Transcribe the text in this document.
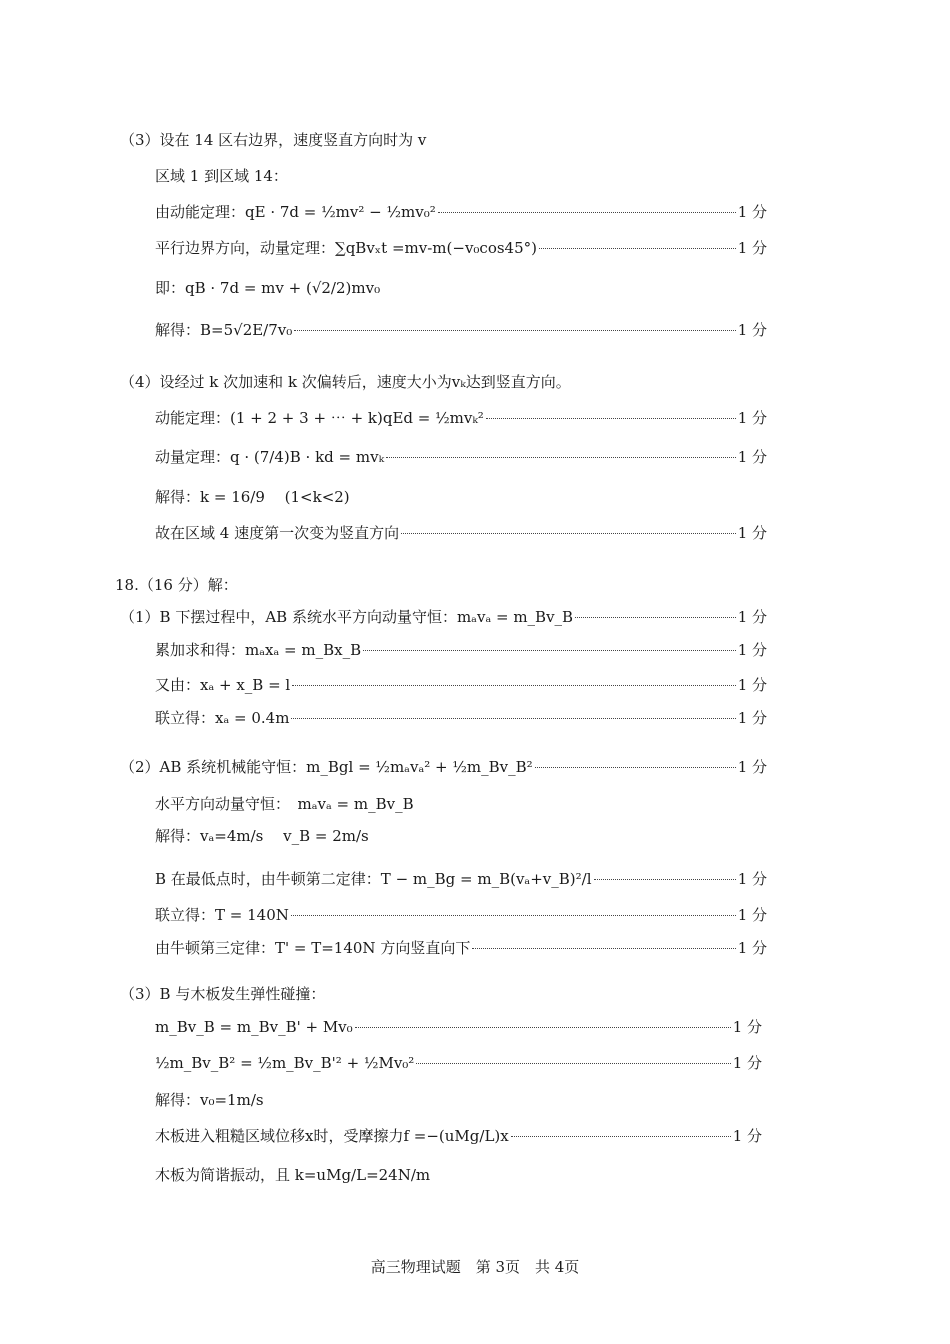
（3）设在 14 区右边界，速度竖直方向时为 v
区域 1 到区域 14：
由动能定理：qE · 7d = ½mv² − ½mv₀²	1 分
平行边界方向，动量定理：∑qBvₓt =mv-m(−v₀cos45°)	1 分
即：qB · 7d = mv + (√2/2)mv₀
解得：B=5√2E/7v₀	1 分
（4）设经过 k 次加速和 k 次偏转后，速度大小为vₖ达到竖直方向。
动能定理：(1 + 2 + 3 + ⋯ + k)qEd = ½mvₖ²	1 分
动量定理：q · (7/4)B · kd = mvₖ	1 分
解得：k = 16/9　 (1<k<2)
故在区域 4 速度第一次变为竖直方向	1 分
18.（16 分）解：
（1）B 下摆过程中，AB 系统水平方向动量守恒：mₐvₐ = m_Bv_B	1 分
累加求和得：mₐxₐ = m_Bx_B	1 分
又由：xₐ + x_B = l	1 分
联立得：xₐ = 0.4m	1 分
（2）AB 系统机械能守恒：m_Bgl = ½mₐvₐ² + ½m_Bv_B²	1 分
水平方向动量守恒：　mₐvₐ = m_Bv_B
解得：vₐ=4m/s　 v_B = 2m/s
B 在最低点时，由牛顿第二定律：T − m_Bg = m_B(vₐ+v_B)²/l	1 分
联立得：T = 140N	1 分
由牛顿第三定律：T' = T=140N 方向竖直向下	1 分
（3）B 与木板发生弹性碰撞：
m_Bv_B = m_Bv_B' + Mv₀	1 分
½m_Bv_B² = ½m_Bv_B'² + ½Mv₀²	1 分
解得：v₀=1m/s
木板进入粗糙区域位移x时，受摩擦力f =−(uMg/L)x	1 分
木板为简谐振动，且 k=uMg/L=24N/m
高三物理试题　第 3页　共 4页
